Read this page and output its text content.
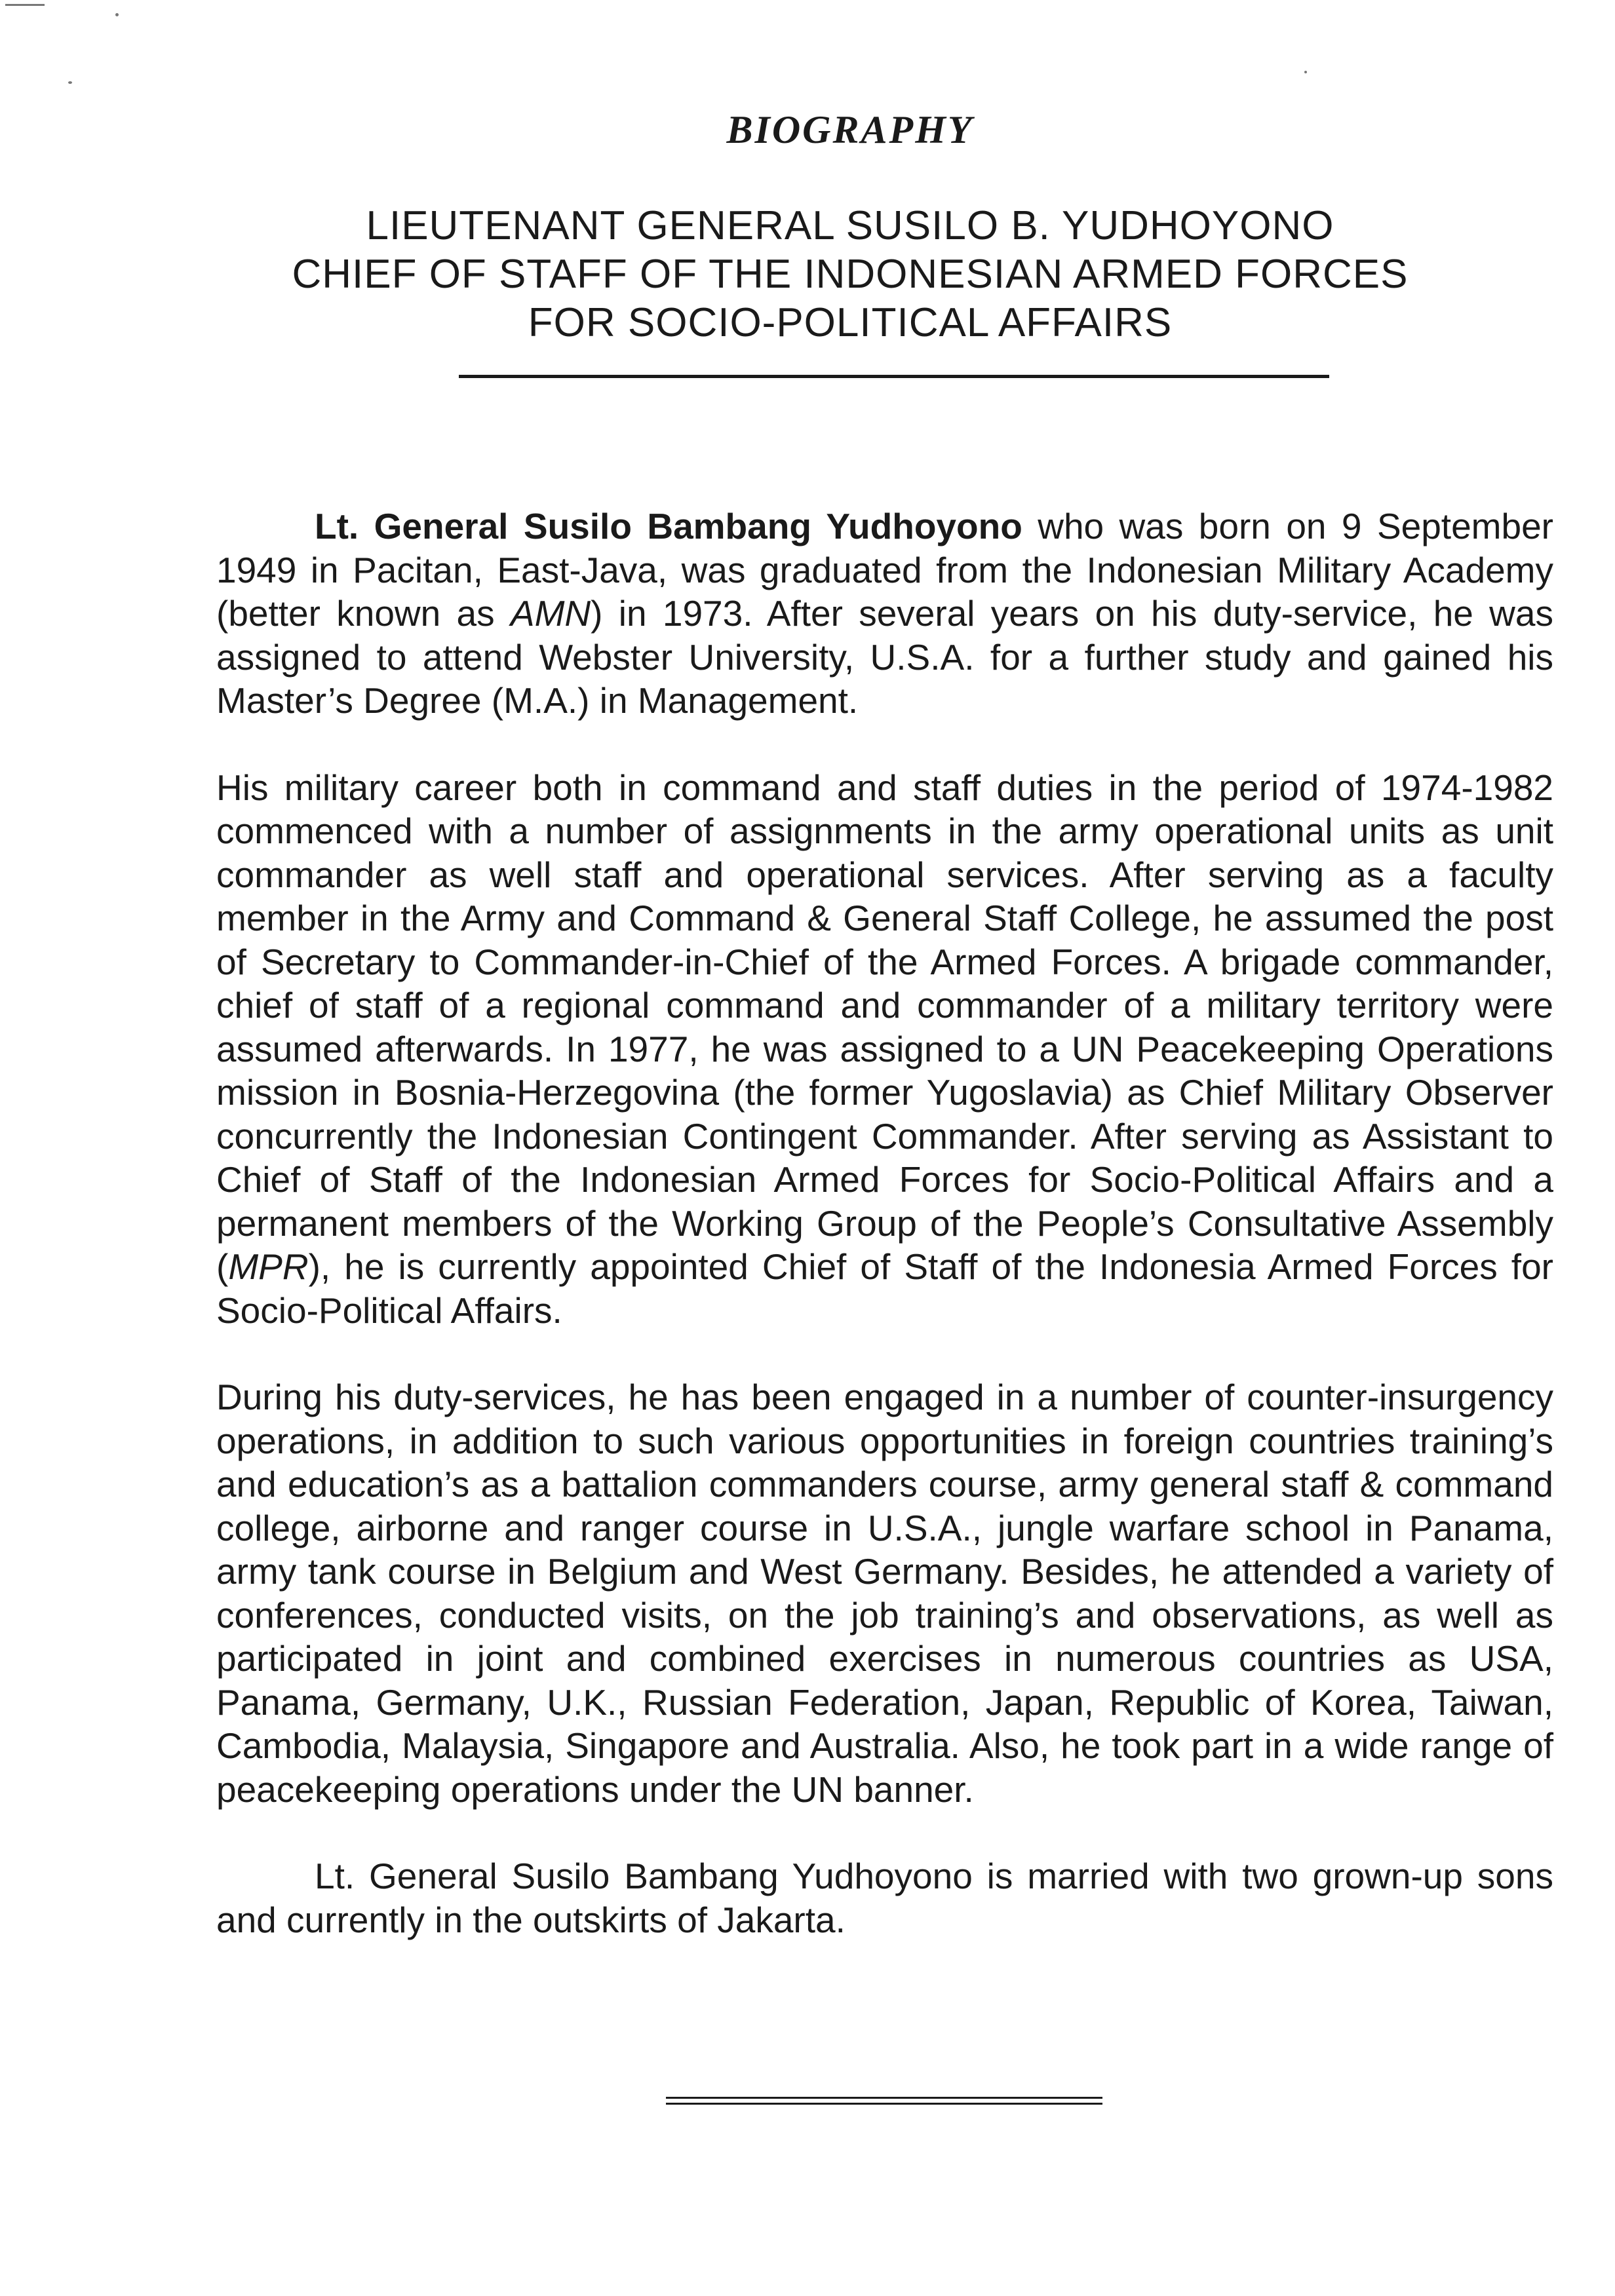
BIOGRAPHY
LIEUTENANT GENERAL SUSILO B. YUDHOYONO
CHIEF OF STAFF OF THE INDONESIAN ARMED FORCES
FOR SOCIO-POLITICAL AFFAIRS

Lt. General Susilo Bambang Yudhoyono who was born on 9 September 1949 in Pacitan, East-Java, was graduated from the Indonesian Military Academy (better known as AMN) in 1973. After several years on his duty-service, he was assigned to attend Webster University, U.S.A. for a further study and gained his Master’s Degree (M.A.) in Management.

His military career both in command and staff duties in the period of 1974-1982 commenced with a number of assignments in the army operational units as unit commander as well staff and operational services. After serving as a faculty member in the Army and Command & General Staff College, he assumed the post of Secretary to Commander-in-Chief of the Armed Forces. A brigade commander, chief of staff of a regional command and commander of a military territory were assumed afterwards. In 1977, he was assigned to a UN Peacekeeping Operations mission in Bosnia-Herzegovina (the former Yugoslavia) as Chief Military Observer concurrently the Indonesian Contingent Commander. After serving as Assistant to Chief of Staff of the Indonesian Armed Forces for Socio-Political Affairs and a permanent members of the Working Group of the People’s Consultative Assembly (MPR), he is currently appointed Chief of Staff of the Indonesia Armed Forces for Socio-Political Affairs.

During his duty-services, he has been engaged in a number of counter-insurgency operations, in addition to such various opportunities in foreign countries training’s and education’s as a battalion commanders course, army general staff & command college, airborne and ranger course in U.S.A., jungle warfare school in Panama, army tank course in Belgium and West Germany. Besides, he attended a variety of conferences, conducted visits, on the job training’s and observations, as well as participated in joint and combined exercises in numerous countries as USA, Panama, Germany, U.K., Russian Federation, Japan, Republic of Korea, Taiwan, Cambodia, Malaysia, Singapore and Australia. Also, he took part in a wide range of peacekeeping operations under the UN banner.

Lt. General Susilo Bambang Yudhoyono is married with two grown-up sons and currently in the outskirts of Jakarta.
